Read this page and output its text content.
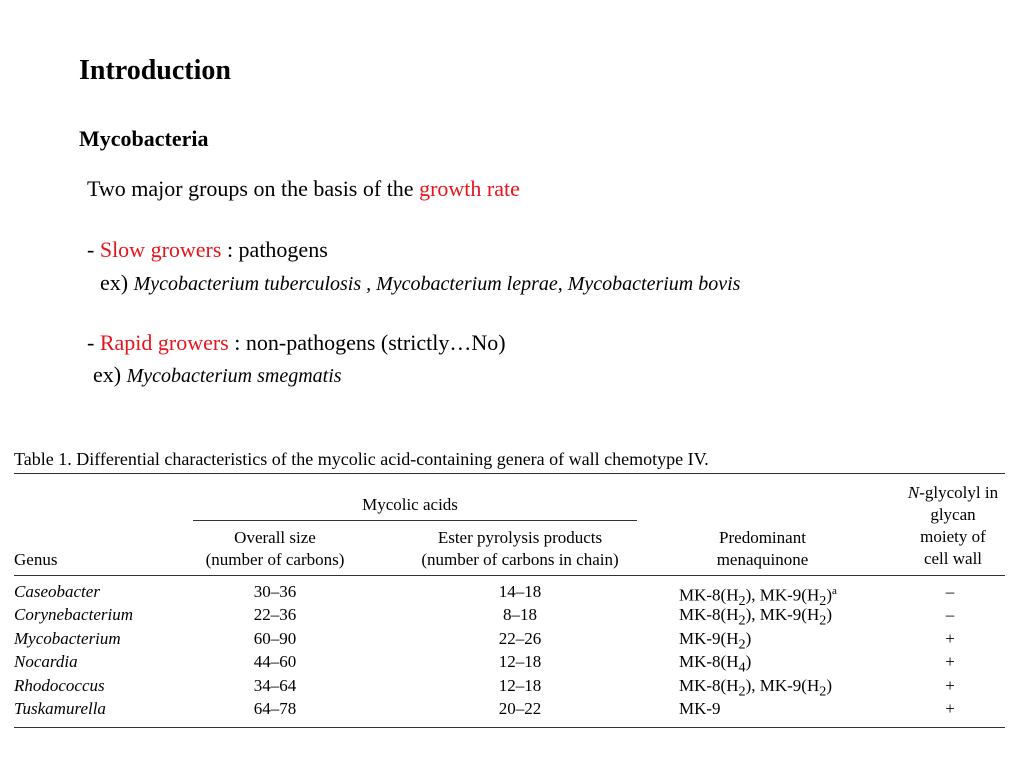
Introduction
Mycobacteria
Two major groups on the basis of the growth rate
- Slow growers : pathogens
ex) Mycobacterium tuberculosis , Mycobacterium leprae, Mycobacterium bovis
- Rapid growers : non-pathogens (strictly…No)
ex) Mycobacterium smegmatis
Table 1. Differential characteristics of the mycolic acid-containing genera of wall chemotype IV.
Mycolic acids
Genus
Overall size
(number of carbons)
Ester pyrolysis products
(number of carbons in chain)
Predominant
menaquinone
N-glycolyl in
glycan
moiety of
cell wall
Caseobacter	30–36	14–18	$MK-8(H_2)$, $MK-9(H_2)^a$	–
Corynebacterium	22–36	8–18	$MK-8(H_2)$, $MK-9(H_2)$	–
Mycobacterium	60–90	22–26	$MK-9(H_2)$	+
Nocardia	44–60	12–18	$MK-8(H_4)$	+
Rhodococcus	34–64	12–18	$MK-8(H_2)$, $MK-9(H_2)$	+
Tuskamurella	64–78	20–22	MK-9	+
